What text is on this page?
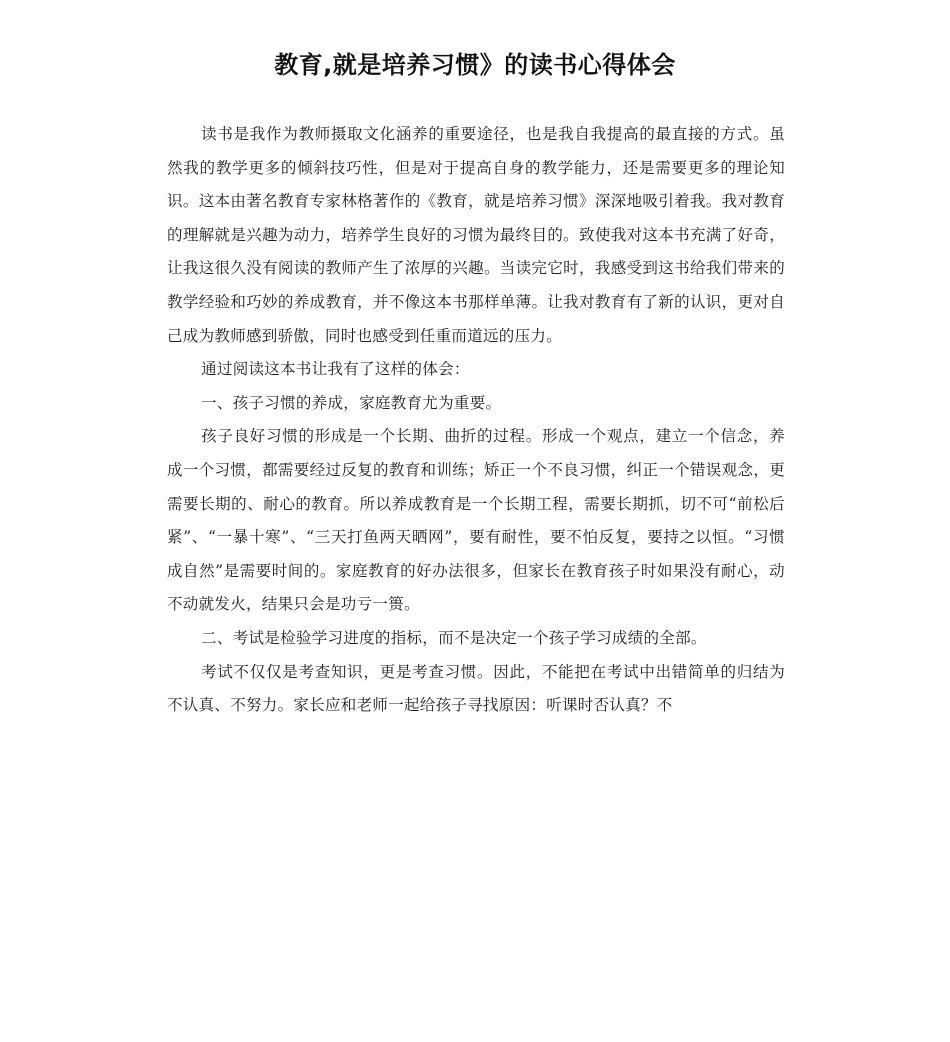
教育,就是培养习惯》的读书心得体会

读书是我作为教师摄取文化涵养的重要途径，也是我自我提高的最直接的方式。虽然我的教学更多的倾斜技巧性，但是对于提高自身的教学能力，还是需要更多的理论知识。这本由著名教育专家林格著作的《教育，就是培养习惯》深深地吸引着我。我对教育的理解就是兴趣为动力，培养学生良好的习惯为最终目的。致使我对这本书充满了好奇，让我这很久没有阅读的教师产生了浓厚的兴趣。当读完它时，我感受到这书给我们带来的教学经验和巧妙的养成教育，并不像这本书那样单薄。让我对教育有了新的认识，更对自己成为教师感到骄傲，同时也感受到任重而道远的压力。

通过阅读这本书让我有了这样的体会：

一、孩子习惯的养成，家庭教育尤为重要。

孩子良好习惯的形成是一个长期、曲折的过程。形成一个观点，建立一个信念，养成一个习惯，都需要经过反复的教育和训练；矫正一个不良习惯，纠正一个错误观念，更需要长期的、耐心的教育。所以养成教育是一个长期工程，需要长期抓，切不可“前松后紧”、“一暴十寒”、“三天打鱼两天晒网”，要有耐性，要不怕反复，要持之以恒。“习惯成自然”是需要时间的。家庭教育的好办法很多，但家长在教育孩子时如果没有耐心，动不动就发火，结果只会是功亏一篑。

二、考试是检验学习进度的指标，而不是决定一个孩子学习成绩的全部。

考试不仅仅是考查知识，更是考查习惯。因此，不能把在考试中出错简单的归结为不认真、不努力。家长应和老师一起给孩子寻找原因：听课时否认真？不
